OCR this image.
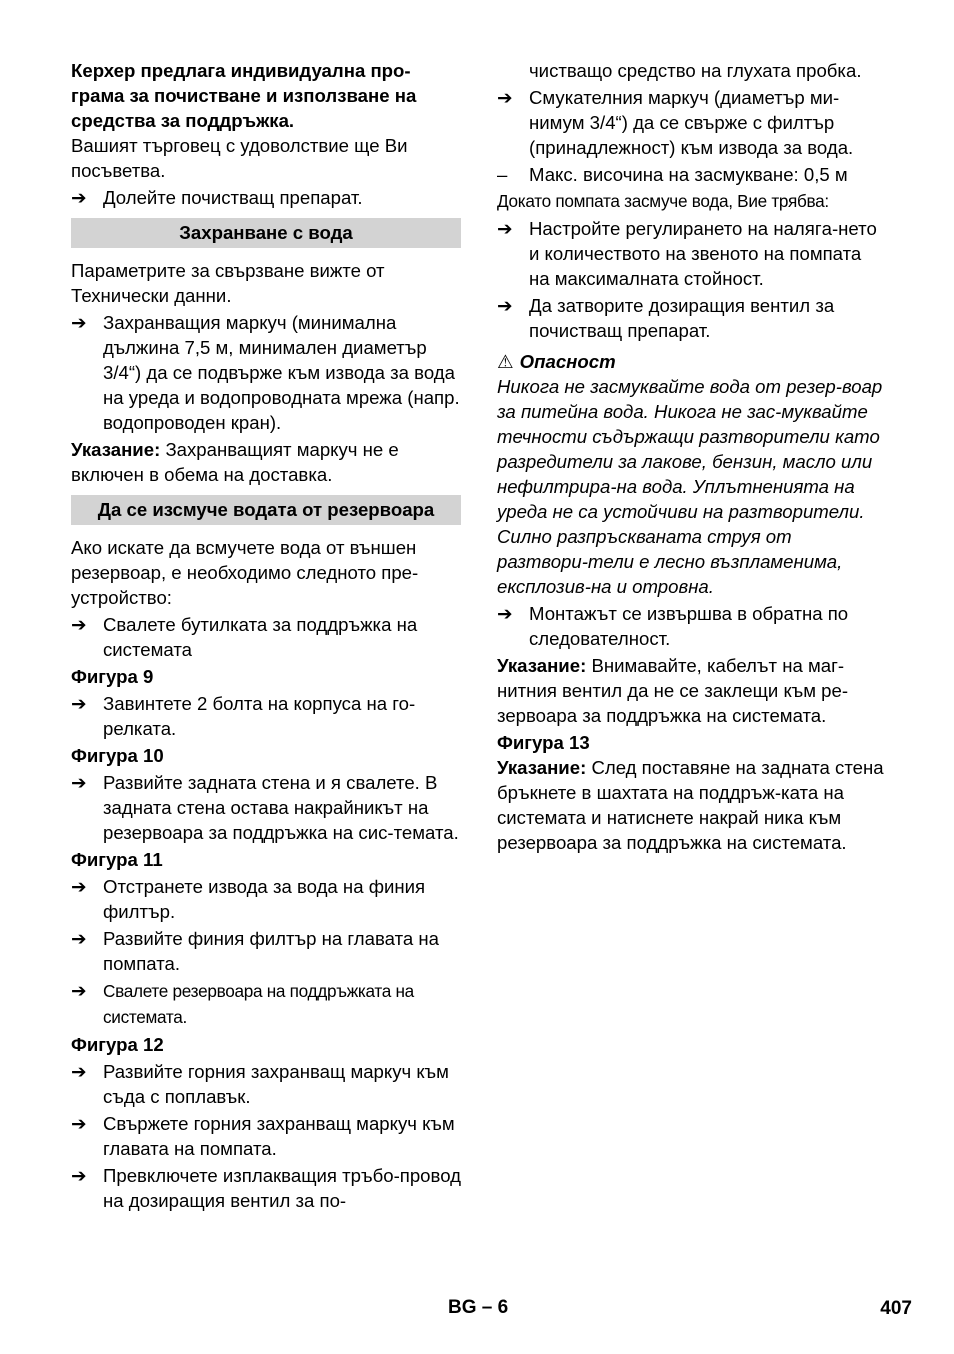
Керхер предлага индивидуална про-грама за почистване и използване на средства за поддръжка.

Вашият търговец с удоволствие ще Ви посъветва.

➔ Долейте почистващ препарат.
Захранване с вода

Параметрите за свързване вижте от Технически данни.

➔ Захранващия маркуч (минимална дължина 7,5 м, минимален диаметър 3/4“) да се подвърже към извода за вода на уреда и водопроводната мрежа (напр. водопроводен кран).

Указание: Захранващият маркуч не е включен в обема на доставка.

Да се изсмуче водата от резервоара

Ако искате да всмучете вода от външен резервоар, е необходимо следното пре-устройство:

➔ Свалете бутилката за поддръжка на системата

Фигура 9

➔ Завинтете 2 болта на корпуса на го-релката.

Фигура 10

➔ Развийте задната стена и я свалете. В задната стена остава накрайникът на резервоара за поддръжка на сис-темата.

Фигура 11

➔ Отстранете извода за вода на финия филтър.
➔ Развийте финия филтър на главата на помпата.
➔ Свалете резервоара на поддръжката на системата.

Фигура 12

➔ Развийте горния захранващ маркуч към съда с поплавък.
➔ Свържете горния захранващ маркуч към главата на помпата.
➔ Превключете изплакващия тръбо-провод на дозиращия вентил за по-
чистващо средство на глухата пробка.
➔ Смукателния маркуч (диаметър ми-нимум 3/4“) да се свърже с филтър (принадлежност) към извода за вода.
– Макс. височина на засмукване: 0,5 м

Докато помпата засмуче вода, Вие трябва:

➔ Настройте регулирането на налягa-нето и количеството на звеното на помпата на максималната стойност.
➔ Да затворите дозиращия вентил за почистващ препарат.

⚠ Опасност

Никога не засмуквайте вода от резер-воар за питейна вода. Никога не зас-муквайте течности съдържащи разтворители като разредители за лакове, бензин, масло или нефилтрира-на вода. Уплътненията на уреда не са устойчиви на разтворители. Силно разпръскваната струя от разтвори-тели е лесно възпламенима, експлозив-на и отровна.

➔ Монтажът се извършва в обратна по следователност.

Указание: Внимавайте, кабелът на маг-нитния вентил да не се заклещи към ре-зервоара за поддръжка на системата.

Фигура 13

Указание: След поставяне на задната стена бръкнете в шахтата на поддръж-ката на системата и натиснете накрай ника към резервоара за поддръжка на системата.

BG – 6	407
